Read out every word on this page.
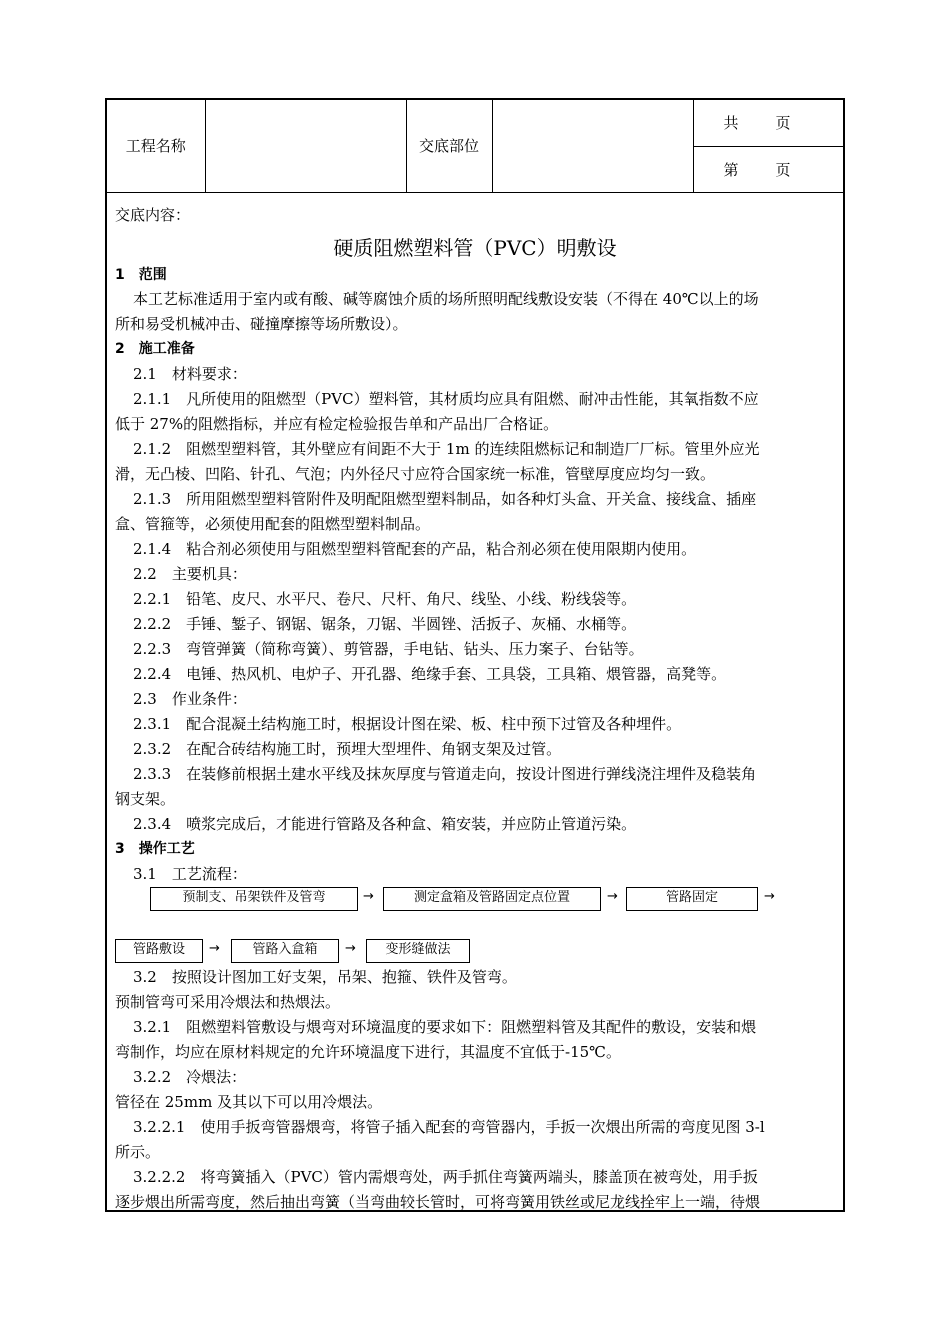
工程名称		交底部位		共 页
第 页
交底内容：
硬质阻燃塑料管（PVC）明敷设
1　范围
本工艺标准适用于室内或有酸、碱等腐蚀介质的场所照明配线敷设安装（不得在 40℃以上的场
所和易受机械冲击、碰撞摩擦等场所敷设）。
2　施工准备
2.1　材料要求：
2.1.1　凡所使用的阻燃型（PVC）塑料管，其材质均应具有阻燃、耐冲击性能，其氧指数不应
低于 27%的阻燃指标，并应有检定检验报告单和产品出厂合格证。
2.1.2　阻燃型塑料管，其外壁应有间距不大于 1m 的连续阻燃标记和制造厂厂标。管里外应光
滑，无凸棱、凹陷、针孔、气泡；内外径尺寸应符合国家统一标准，管壁厚度应均匀一致。
2.1.3　所用阻燃型塑料管附件及明配阻燃型塑料制品，如各种灯头盒、开关盒、接线盒、插座
盒、管箍等，必须使用配套的阻燃型塑料制品。
2.1.4　粘合剂必须使用与阻燃型塑料管配套的产品，粘合剂必须在使用限期内使用。
2.2　主要机具：
2.2.1　铅笔、皮尺、水平尺、卷尺、尺杆、角尺、线坠、小线、粉线袋等。
2.2.2　手锤、錾子、钢锯、锯条，刀锯、半圆锉、活扳子、灰桶、水桶等。
2.2.3　弯管弹簧（简称弯簧）、剪管器，手电钻、钻头、压力案子、台钻等。
2.2.4　电锤、热风机、电炉子、开孔器、绝缘手套、工具袋，工具箱、煨管器，高凳等。
2.3　作业条件：
2.3.1　配合混凝土结构施工时，根据设计图在梁、板、柱中预下过管及各种埋件。
2.3.2　在配合砖结构施工时，预埋大型埋件、角钢支架及过管。
2.3.3　在装修前根据土建水平线及抹灰厚度与管道走向，按设计图进行弹线浇注埋件及稳装角
钢支架。
2.3.4　喷浆完成后，才能进行管路及各种盒、箱安装，并应防止管道污染。
3　操作工艺
3.1　工艺流程：
预制支、吊架铁件及管弯	→	测定盒箱及管路固定点位置	→	管路固定	→
管路敷设	→	管路入盒箱	→	变形缝做法
3.2　按照设计图加工好支架，吊架、抱箍、铁件及管弯。
预制管弯可采用冷煨法和热煨法。
3.2.1　阻燃塑料管敷设与煨弯对环境温度的要求如下：阻燃塑料管及其配件的敷设，安装和煨
弯制作，均应在原材料规定的允许环境温度下进行，其温度不宜低于-15℃。
3.2.2　冷煨法：
管径在 25mm 及其以下可以用冷煨法。
3.2.2.1　使用手扳弯管器煨弯，将管子插入配套的弯管器内，手扳一次煨出所需的弯度见图 3-l
所示。
3.2.2.2　将弯簧插入（PVC）管内需煨弯处，两手抓住弯簧两端头，膝盖顶在被弯处，用手扳
逐步煨出所需弯度，然后抽出弯簧（当弯曲较长管时，可将弯簧用铁丝或尼龙线拴牢上一端，待煨
